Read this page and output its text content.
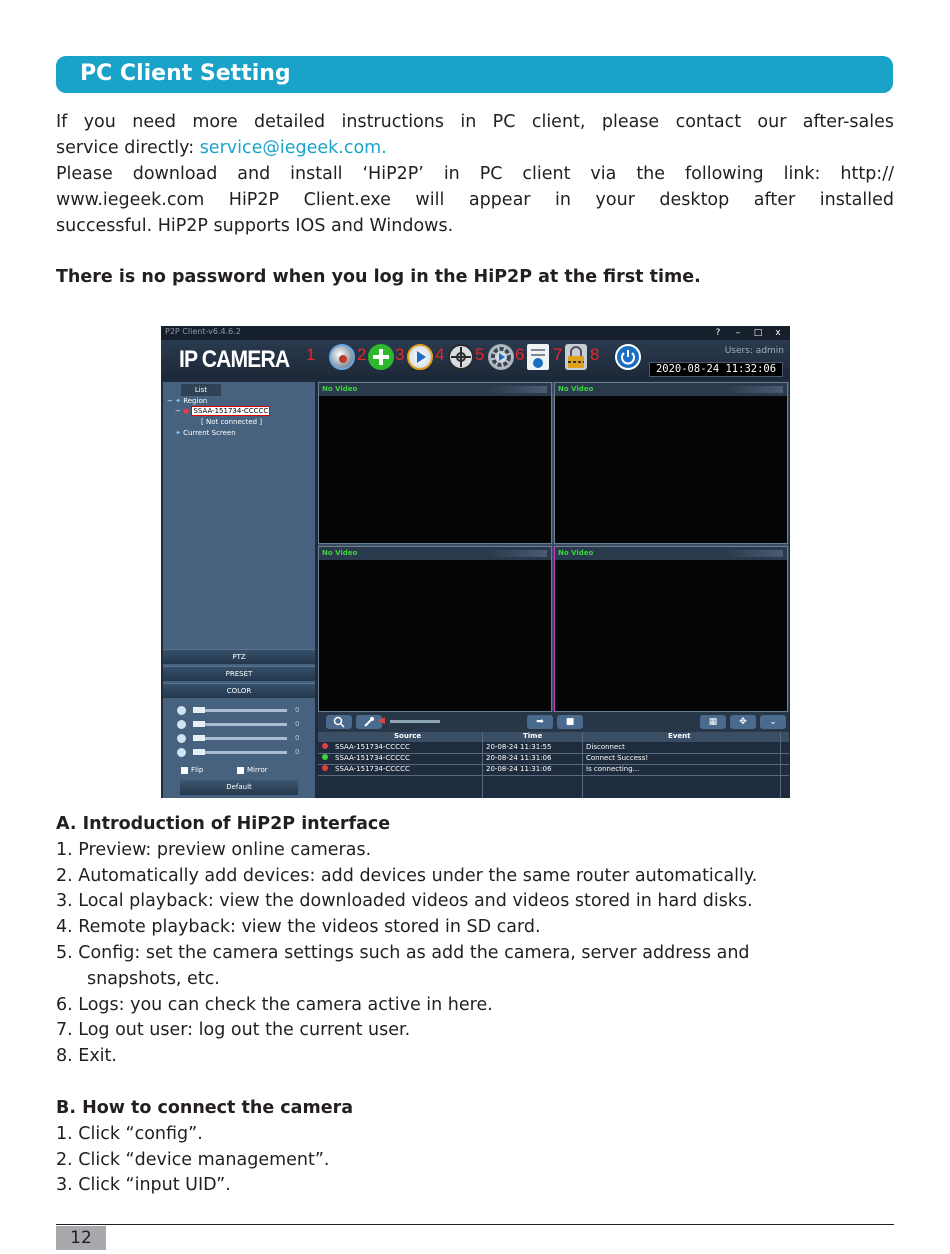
PC Client Setting
If you need more detailed instructions in PC client, please contact our after-sales
service directly: service@iegeek.com.
Please download and install ‘HiP2P’ in PC client via the following link: http://
www.iegeek.com HiP2P Client.exe will appear in your desktop after installed
successful. HiP2P supports IOS and Windows.
There is no password when you log in the HiP2P at the first time.
P2P Client-v6.4.6.2	?	–	□	x
IP CAMERA 1 2 3 4 5 6 7 8	Users: admin
2020-08-24 11:32:06
List
− ✦ Region
− ● SSAA-151734-CCCCC
[ Not connected ]
✦ Current Screen
PTZ
PRESET
COLOR
0
0
0
0
Flip	Mirror
Default
No Video	No Video
No Video	No Video
◀	➡	■	▦	✥	⌄
Source	Time	Event
SSAA-151734-CCCCC	20-08-24 11:31:55	Disconnect
SSAA-151734-CCCCC	20-08-24 11:31:06	Connect Success!
SSAA-151734-CCCCC	20-08-24 11:31:06	Is connecting...
A. Introduction of HiP2P interface
1. Preview: preview online cameras.
2. Automatically add devices: add devices under the same router automatically.
3. Local playback: view the downloaded videos and videos stored in hard disks.
4. Remote playback: view the videos stored in SD card.
5. Config: set the camera settings such as add the camera, server address and
snapshots, etc.
6. Logs: you can check the camera active in here.
7. Log out user: log out the current user.
8. Exit.
B. How to connect the camera
1. Click “config”.
2. Click “device management”.
3. Click “input UID”.
12
